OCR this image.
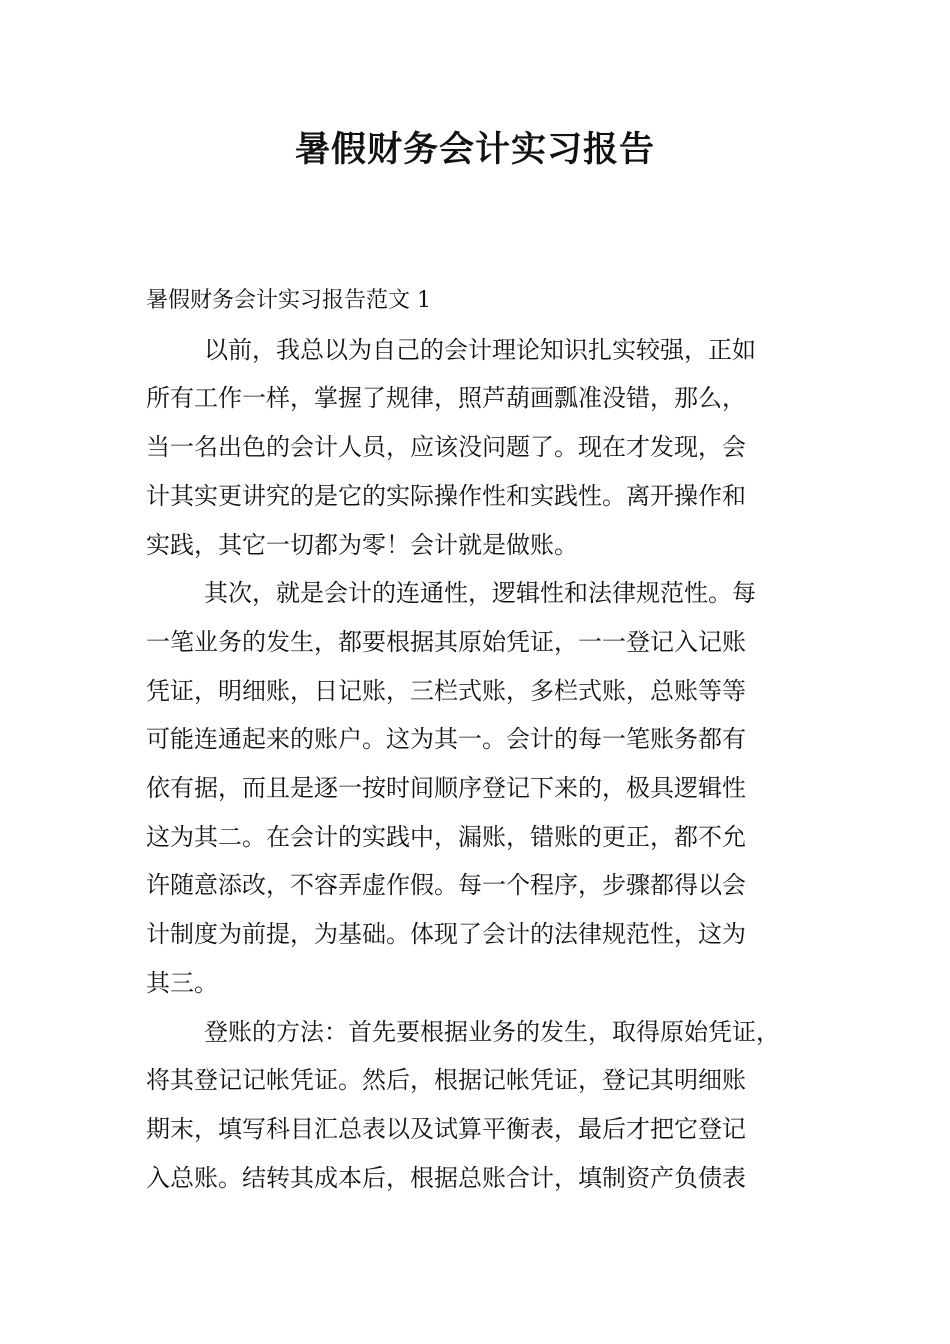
暑假财务会计实习报告

暑假财务会计实习报告范文 1

以前，我总以为自己的会计理论知识扎实较强，正如
所有工作一样，掌握了规律，照芦葫画瓢准没错，那么，
当一名出色的会计人员，应该没问题了。现在才发现，会
计其实更讲究的是它的实际操作性和实践性。离开操作和
实践，其它一切都为零！会计就是做账。

其次，就是会计的连通性，逻辑性和法律规范性。每
一笔业务的发生，都要根据其原始凭证，一一登记入记账
凭证，明细账，日记账，三栏式账，多栏式账，总账等等
可能连通起来的账户。这为其一。会计的每一笔账务都有
依有据，而且是逐一按时间顺序登记下来的，极具逻辑性
这为其二。在会计的实践中，漏账，错账的更正，都不允
许随意添改，不容弄虚作假。每一个程序，步骤都得以会
计制度为前提，为基础。体现了会计的法律规范性，这为
其三。

登账的方法：首先要根据业务的发生，取得原始凭证，
将其登记记帐凭证。然后，根据记帐凭证，登记其明细账
期末，填写科目汇总表以及试算平衡表，最后才把它登记
入总账。结转其成本后，根据总账合计，填制资产负债表
